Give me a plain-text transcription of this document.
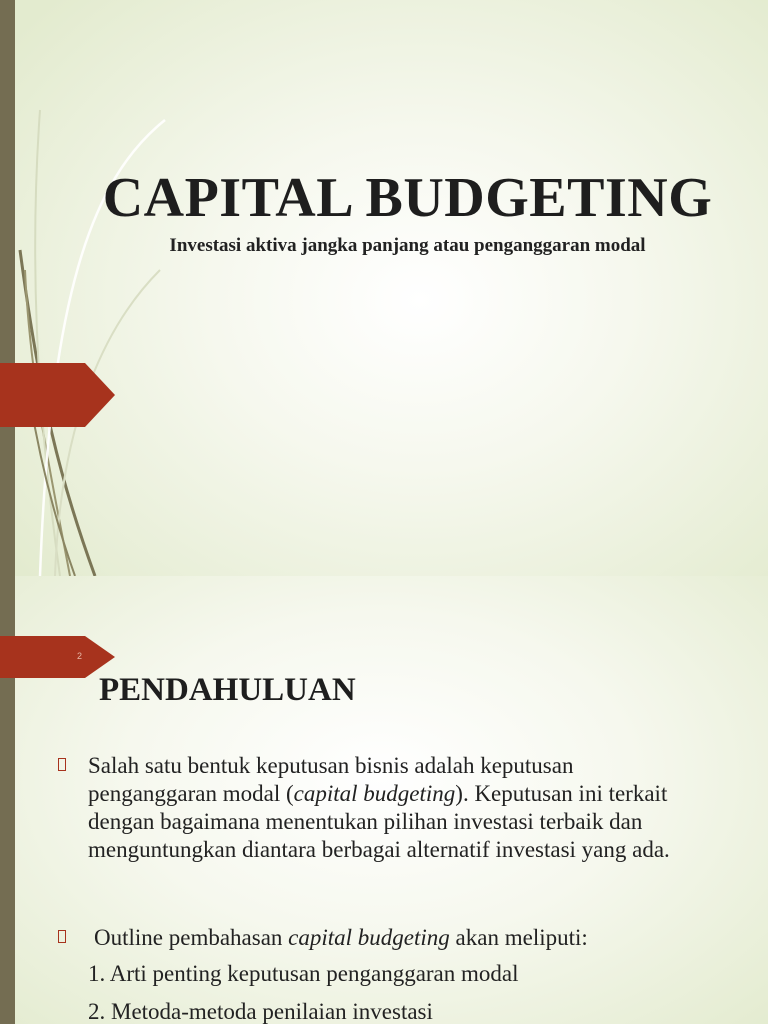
CAPITAL BUDGETING
Investasi aktiva jangka panjang atau penganggaran modal
2
PENDAHULUAN
Salah satu bentuk keputusan bisnis adalah keputusan penganggaran modal (capital budgeting). Keputusan ini terkait dengan bagaimana menentukan pilihan investasi terbaik dan menguntungkan diantara berbagai alternatif investasi yang ada.
Outline pembahasan capital budgeting akan meliputi:
1. Arti penting keputusan penganggaran modal
2. Metoda-metoda penilaian investasi
